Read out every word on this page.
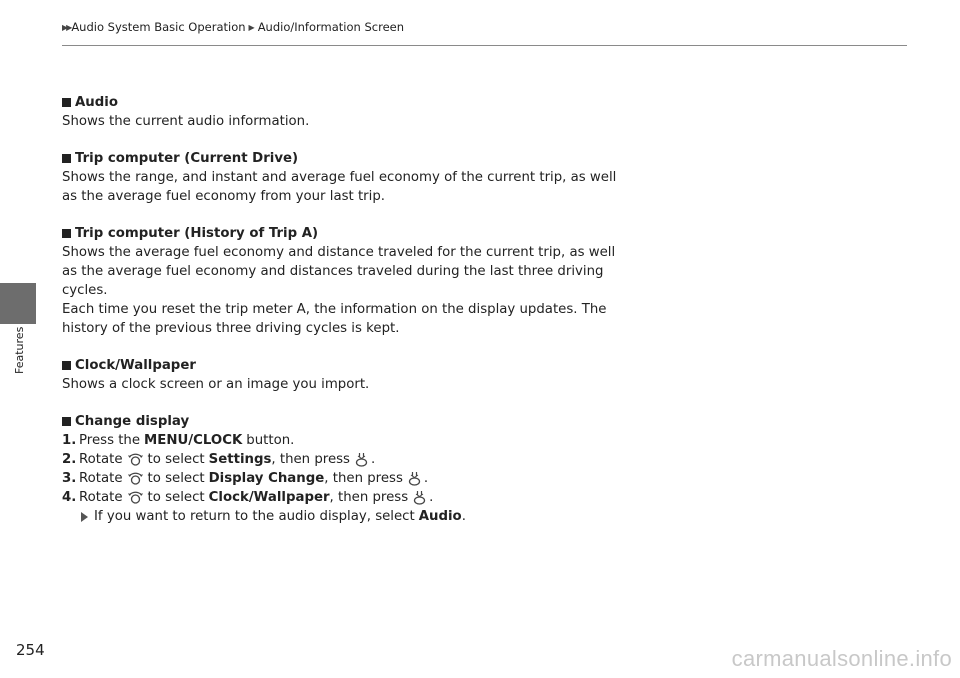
▶▶ Audio System Basic Operation ▶ Audio/Information Screen
Features
Audio

Shows the current audio information.

Trip computer (Current Drive)

Shows the range, and instant and average fuel economy of the current trip, as well

as the average fuel economy from your last trip.

Trip computer (History of Trip A)

Shows the average fuel economy and distance traveled for the current trip, as well

as the average fuel economy and distances traveled during the last three driving

cycles.

Each time you reset the trip meter A, the information on the display updates. The

history of the previous three driving cycles is kept.

Clock/Wallpaper

Shows a clock screen or an image you import.

Change display
1. Press the MENU/CLOCK button.
2. Rotate to select Settings , then press .
3. Rotate to select Display Change , then press .
4. Rotate to select Clock/Wallpaper , then press .
If you want to return to the audio display, select Audio .
254	carmanualsonline.info
